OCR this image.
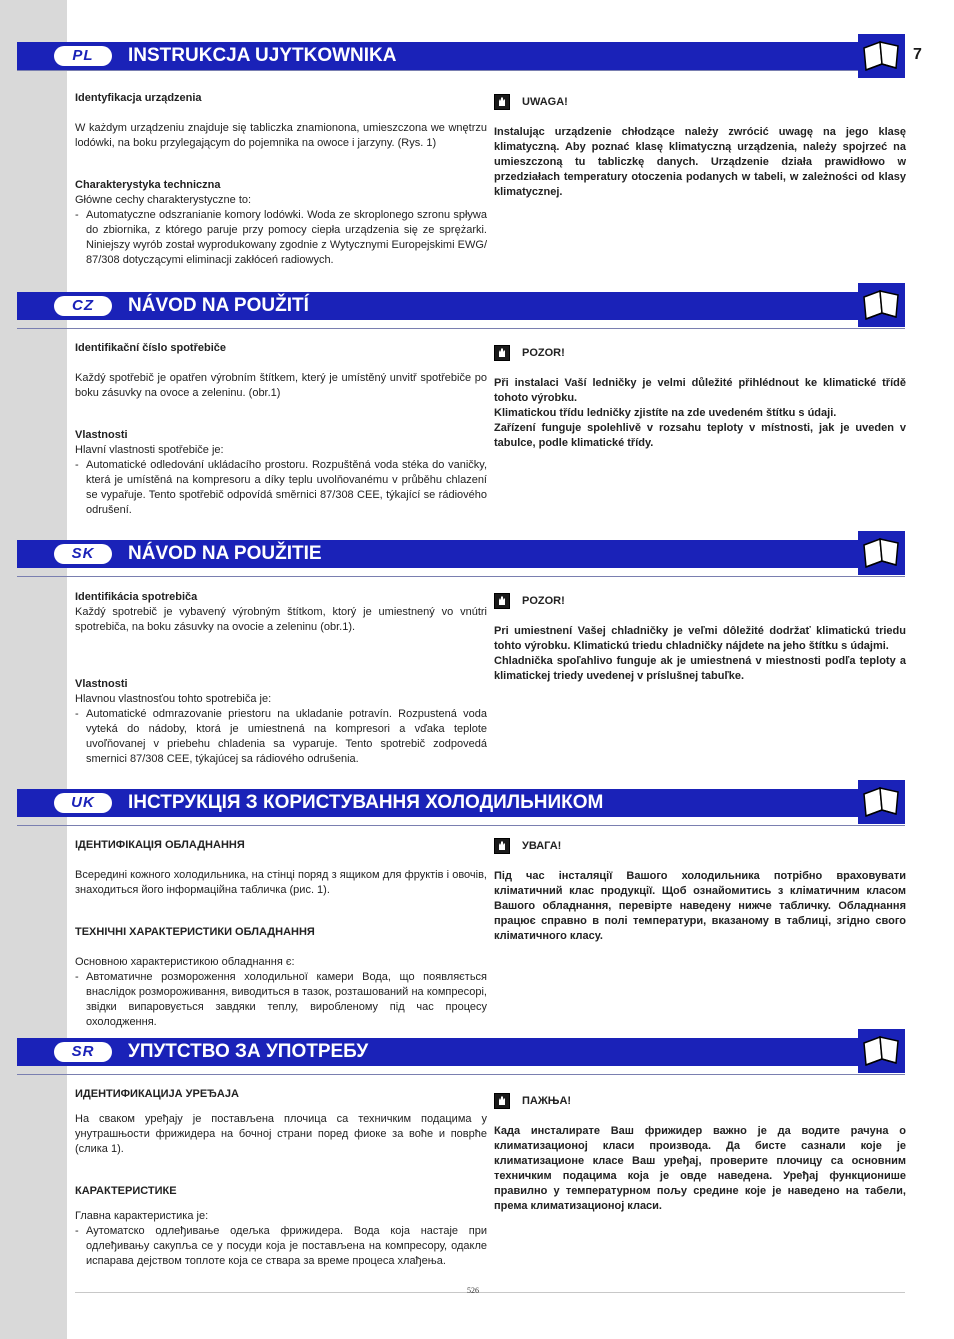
PL	INSTRUKCJA UJYTKOWNIKA	7
Identyfikacja urządzenia

W każdym urządzeniu znajduje się tabliczka znamionona, umieszczona we wnętrzu lodówki, na boku przylegającym do pojemnika na owoce i jarzyny. (Rys. 1)

Charakterystyka techniczna

Główne cechy charakterystyczne to:

- Automatyczne odszranianie komory lodówki. Woda ze skroplonego szronu spływa do zbiornika, z którego paruje przy pomocy ciepła urządzenia się ze sprężarki. Niniejszy wyrób został wyprodukowany zgodnie z Wytycznymi Europejskimi EWG/ 87/308 dotyczącymi eliminacji zakłóceń radiowych.
UWAGA!

Instalując urządzenie chłodzące należy zwrócić uwagę na jego klasę klimatyczną. Aby poznać klasę klimatyczną urządzenia, należy spojrzeć na umieszczoną tu tabliczkę danych. Urządzenie działa prawidłowo w przedziałach temperatury otoczenia podanych w tabeli, w zależności od klasy klimatycznej.

CZ	NÁVOD NA POUŽITÍ
Identifikační číslo spotřebiče

Každý spotřebič je opatřen výrobním štítkem, který je umístěný unvitř spotřebiče po boku zásuvky na ovoce a zeleninu. (obr.1)

Vlastnosti

Hlavní vlastnosti spotřebiče je:

- Automatické odledování ukládacího prostoru. Rozpuštěná voda stéka do vaničky, která je umístěná na kompresoru a díky teplu uvolňovanému v průběhu chlazení se vypařuje. Tento spotřebič odpovídá směrnici 87/308 CEE, týkající se rádiového odrušení.
POZOR!

Při instalaci Vaší ledničky je velmi důležité přihlédnout ke klimatické třídě tohoto výrobku.

Klimatickou třídu ledničky zjistíte na zde uvedeném štítku s údaji.

Zařízení funguje spolehlivě v rozsahu teploty v místnosti, jak je uveden v tabulce, podle klimatické třídy.

SK	NÁVOD NA POUŽITIE
Identifikácia spotrebiča

Každý spotrebič je vybavený výrobným štítkom, ktorý je umiestnený vo vnútri spotrebiča, na boku zásuvky na ovocie a zeleninu (obr.1).

Vlastnosti

Hlavnou vlastnosťou tohto spotrebiča je:

- Automatické odmrazovanie priestoru na ukladanie potravín. Rozpustená voda vyteká do nádoby, ktorá je umiestnená na kompresori a vďaka teplote uvoľňovanej v priebehu chladenia sa vyparuje. Tento spotrebič zodpovedá smernici 87/308 CEE, týkajúcej sa rádiového odrušenia.
POZOR!

Pri umiestnení Vašej chladničky je veľmi dôležité dodržať klimatickú triedu tohto výrobku. Klimatickú triedu chladničky nájdete na jeho štítku s údajmi.

Chladnička spoľahlivo funguje ak je umiestnená v miestnosti podľa teploty a klimatickej triedy uvedenej v príslušnej tabuľke.

UK	ІНСТРУКЦІЯ З КОРИСТУВАННЯ ХОЛОДИЛЬНИКОМ
ІДЕНТИФІКАЦІЯ ОБЛАДНАННЯ

Всередині кожного холодильника, на стінці поряд з ящиком для фруктів і овочів, знаходиться його інформаційна табличка (рис. 1).

ТЕХНІЧНІ ХАРАКТЕРИСТИКИ ОБЛАДНАННЯ

Основною характеристикою обладнання є:

- Автоматичне розмороження холодильної камери Вода, що появляється внаслідок розмороживання, виводиться в тазок, розташований на компресорі, звідки випаровується завдяки теплу, виробленому під час процесу охолодження.
УВАГА!

Під час інсталяції Вашого холодильника потрібно враховувати кліматичний клас продукції. Щоб ознайомитись з кліматичним класом Вашого обладнання, перевірте наведену нижче табличку. Обладнання працює справно в полі температури, вказаному в таблиці, згідно свого кліматичного класу.

SR	УПУТСТВО ЗА УПОТРЕБУ
ИДЕНТИФИКАЦИЈА УРЕЂАЈА

На сваком уређају је постављена плочица са техничким подацима у унутрашњости фрижидера на бочној страни поред фиоке за воће и поврће (слика 1).

КАРАКТЕРИСТИКЕ

Главна карактеристика је:

- Аутоматско одлеђивање одељка фрижидера. Вода која настаје при одлеђивању сакупља се у посуди која је постављена на компресору, одакле испарава дејством топлоте која се ствара за време процеса хлађења.
ПАЖЊА!

Када инсталирате Ваш фрижидер важно је да водите рачуна о климатизационој класи производа. Да бисте сазнали које је климатизационе класе Ваш уређај, проверите плочицу са основним техничким подацима која је овде наведена. Уређај функционише правилно у температурном пољу средине које је наведено на табели, према климатизационој класи.

526
